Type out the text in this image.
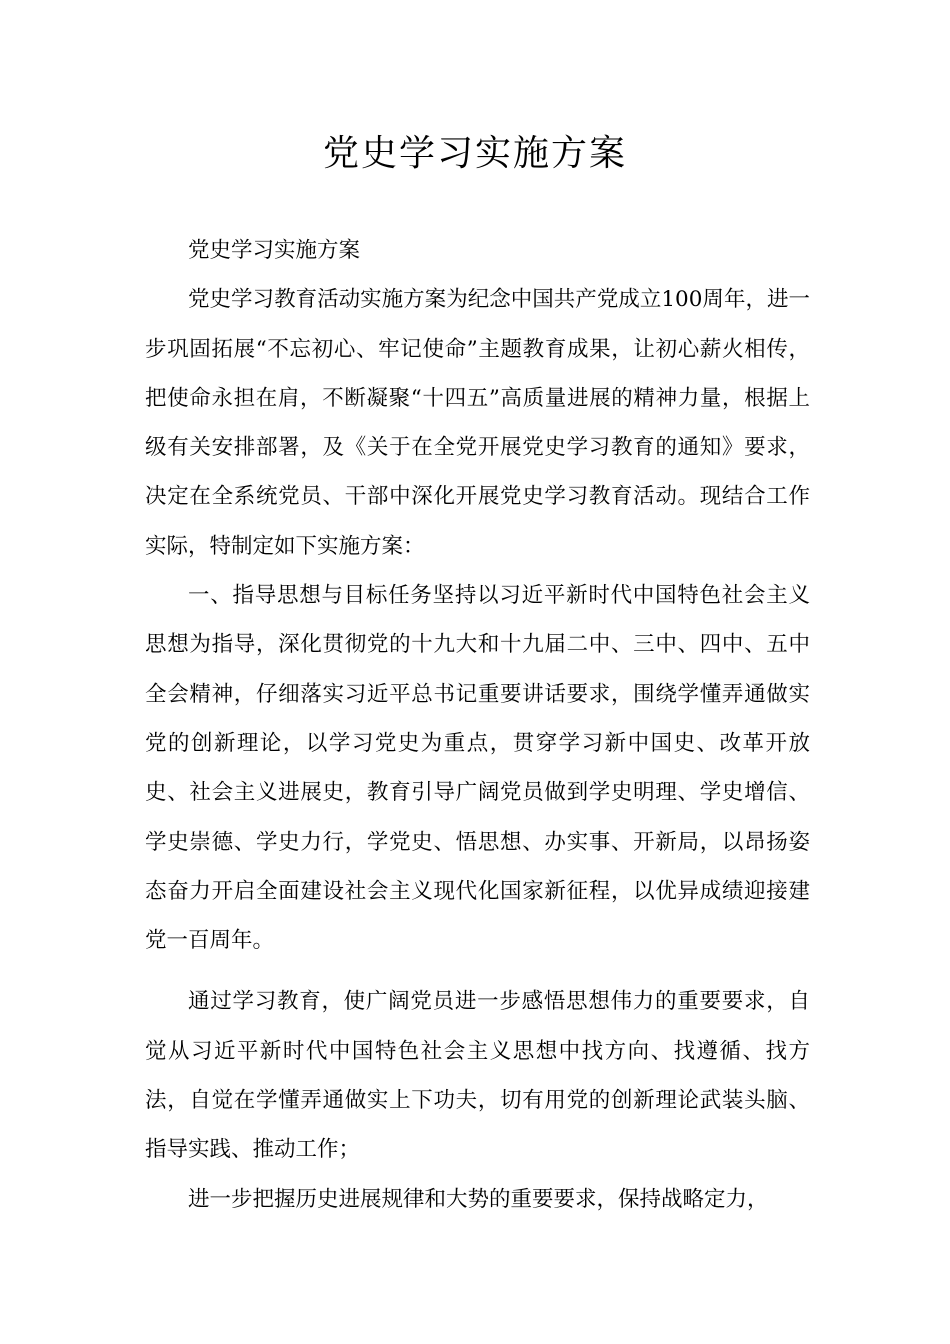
党史学习实施方案

党史学习实施方案

党史学习教育活动实施方案为纪念中国共产党成立100周年，进一步巩固拓展“不忘初心、牢记使命”主题教育成果，让初心薪火相传，把使命永担在肩，不断凝聚“十四五”高质量进展的精神力量，根据上级有关安排部署，及《关于在全党开展党史学习教育的通知》要求，决定在全系统党员、干部中深化开展党史学习教育活动。现结合工作实际，特制定如下实施方案：

一、指导思想与目标任务坚持以习近平新时代中国特色社会主义思想为指导，深化贯彻党的十九大和十九届二中、三中、四中、五中全会精神，仔细落实习近平总书记重要讲话要求，围绕学懂弄通做实党的创新理论，以学习党史为重点，贯穿学习新中国史、改革开放史、社会主义进展史，教育引导广阔党员做到学史明理、学史增信、学史崇德、学史力行，学党史、悟思想、办实事、开新局，以昂扬姿态奋力开启全面建设社会主义现代化国家新征程，以优异成绩迎接建党一百周年。

通过学习教育，使广阔党员进一步感悟思想伟力的重要要求，自觉从习近平新时代中国特色社会主义思想中找方向、找遵循、找方法，自觉在学懂弄通做实上下功夫，切有用党的创新理论武装头脑、指导实践、推动工作；

进一步把握历史进展规律和大势的重要要求，保持战略定力，
